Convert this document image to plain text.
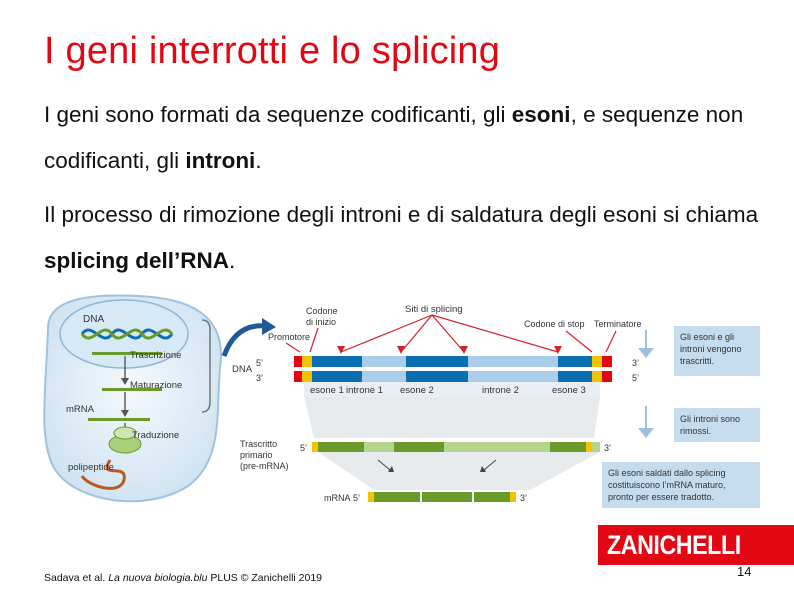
I geni interrotti e lo splicing

I geni sono formati da sequenze codificanti, gli esoni, e sequenze non codificanti, gli introni.

Il processo di rimozione degli introni e di saldatura degli esoni si chiama splicing dell’RNA.

DNA
Trascrizione
Maturazione
mRNA
Traduzione
polipeptide
Codone
di inizio
Siti di splicing
Codone di stop Terminatore
Promotore
DNA
5’
3’
3’
5’
esone 1 introne 1 esone 2	introne 2	esone 3
Trascritto
primario
(pre-mRNA)
5’	3’
mRNA 5’	3’
Gli esoni e gli
introni vengono
trascritti.
Gli introni sono
rimossi.
Gli esoni saldati dallo splicing
costituiscono l’mRNA maturo,
pronto per essere tradotto.
Sadava et al. La nuova biologia.blu PLUS © Zanichelli 2019
ZANICHELLI
14
